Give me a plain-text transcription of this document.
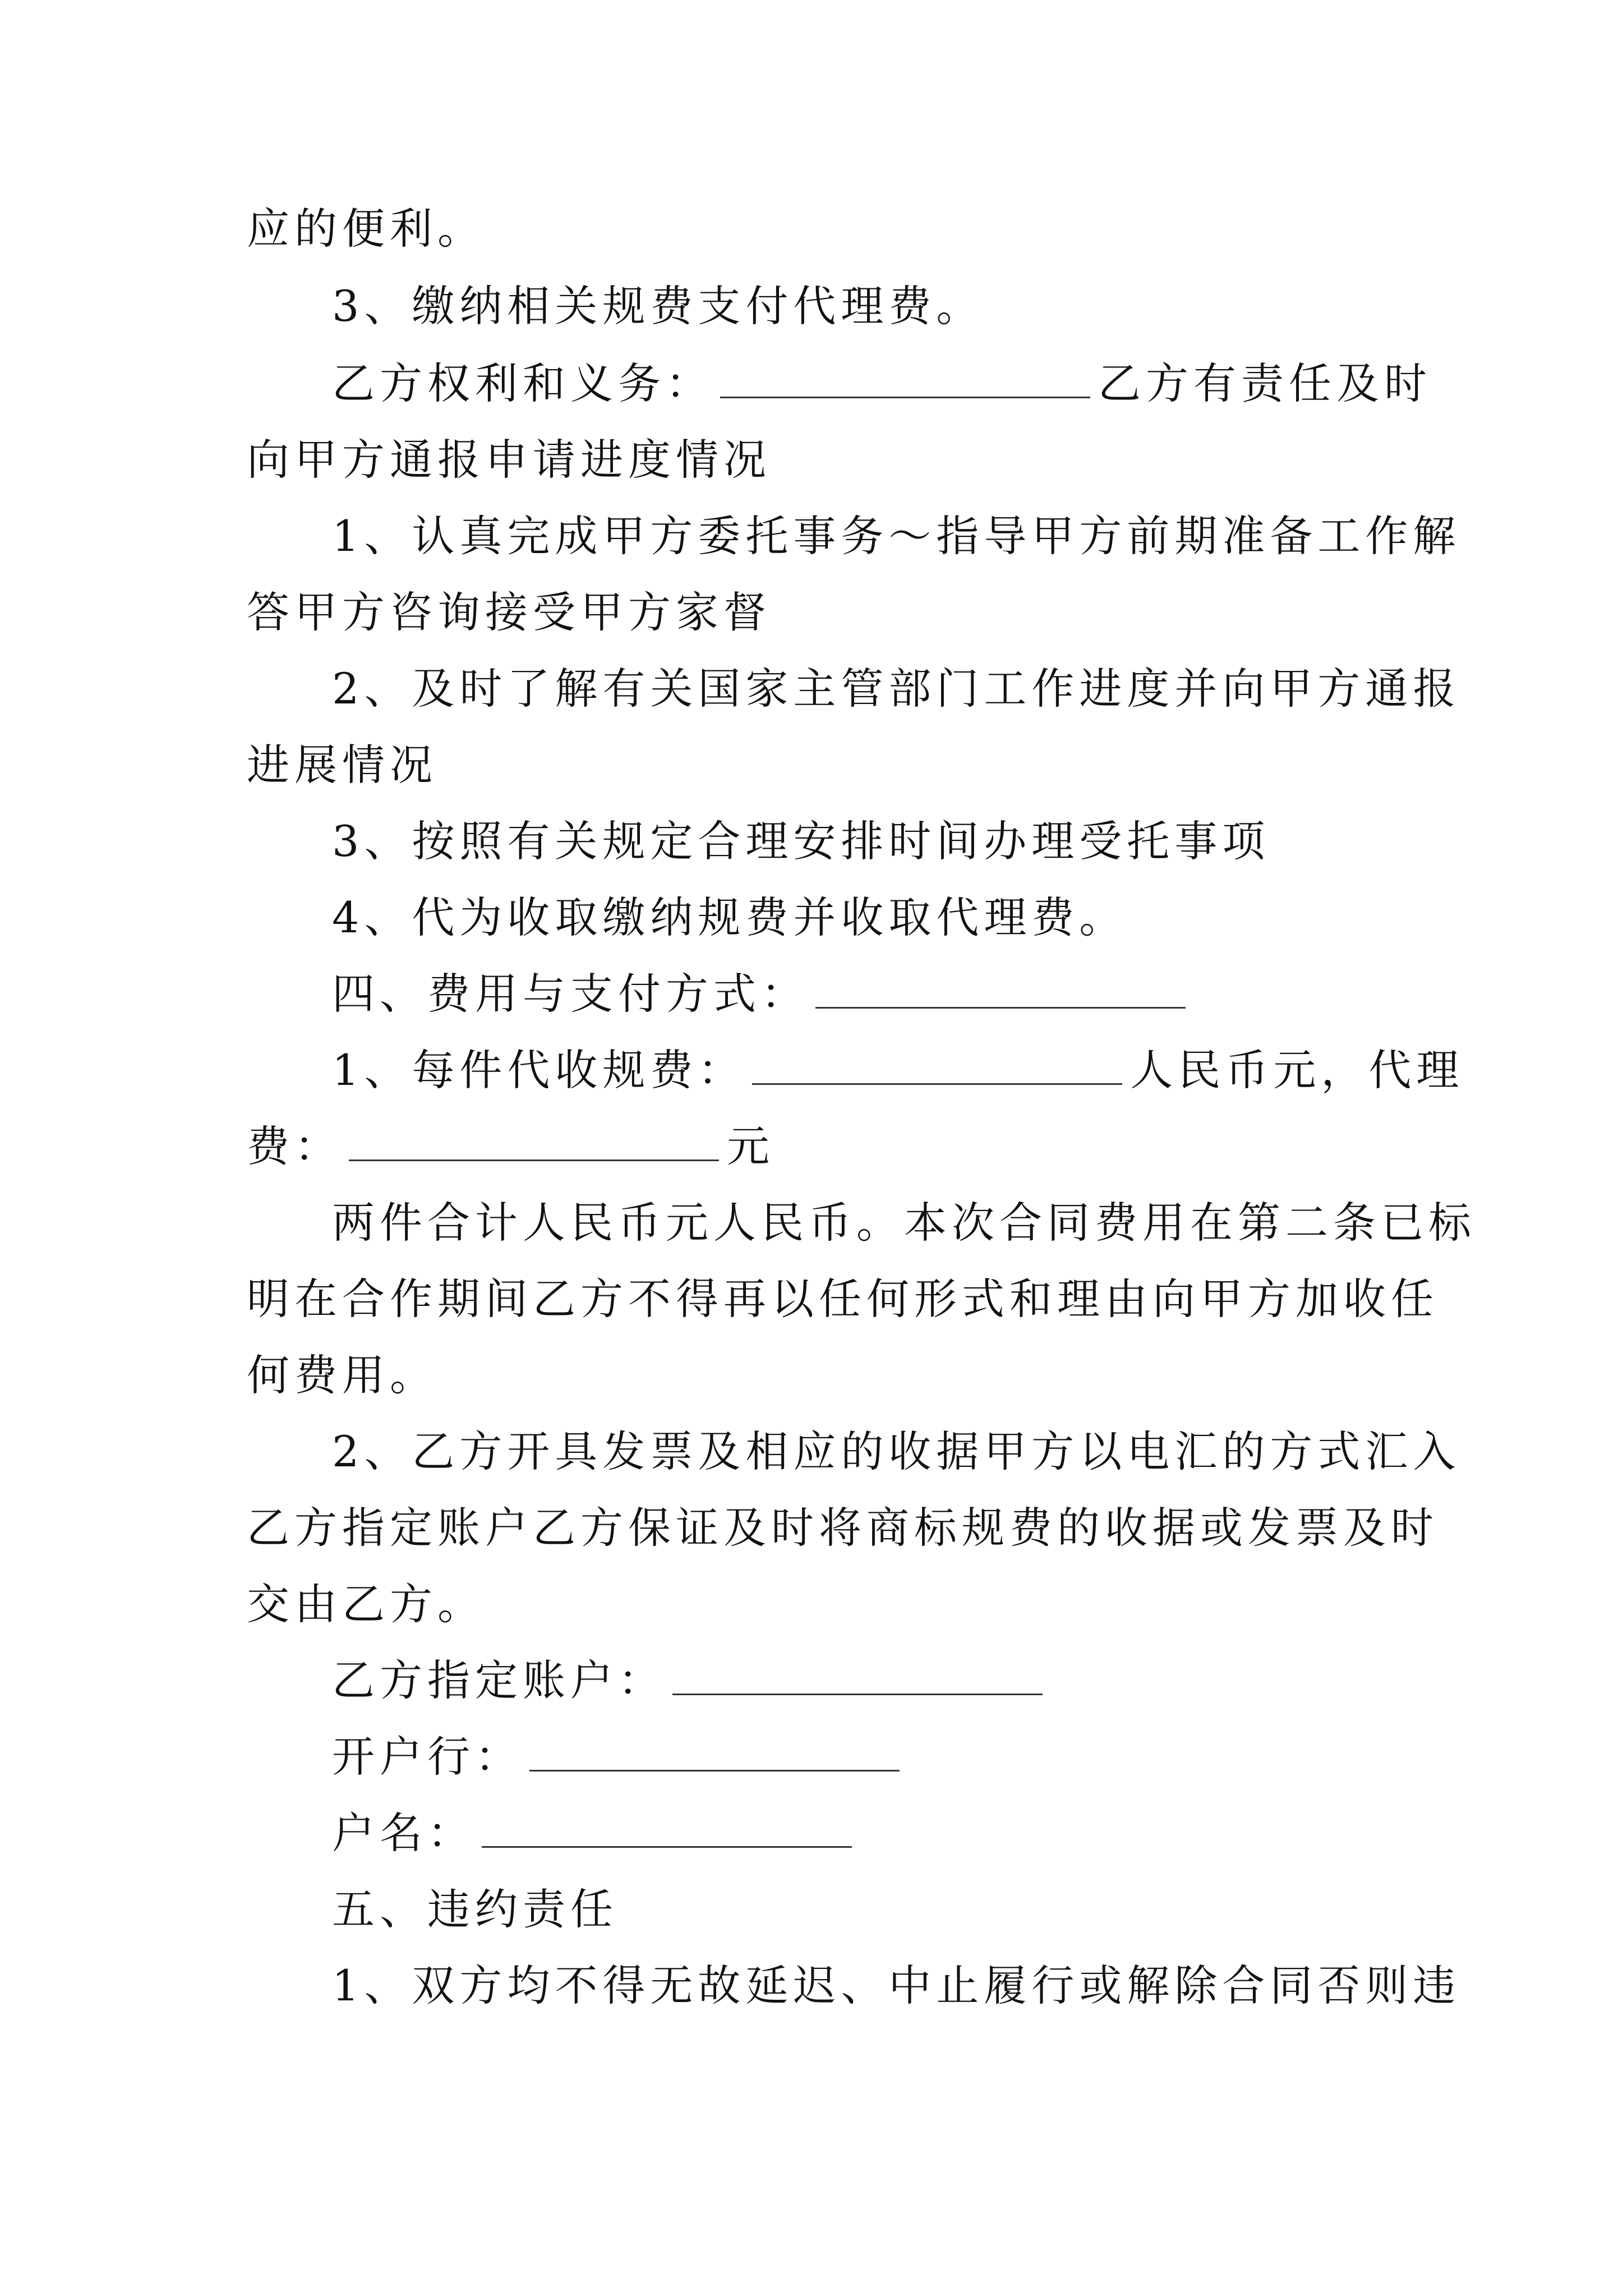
应的便利。
3、缴纳相关规费支付代理费。
乙方权利和义务：	乙方有责任及时
向甲方通报申请进度情况
1、认真完成甲方委托事务～指导甲方前期准备工作解
答甲方咨询接受甲方家督
2、及时了解有关国家主管部门工作进度并向甲方通报
进展情况
3、按照有关规定合理安排时间办理受托事项
4、代为收取缴纳规费并收取代理费。
四、费用与支付方式：
1、每件代收规费：	人民币元，代理
费：	元
两件合计人民币元人民币。本次合同费用在第二条已标
明在合作期间乙方不得再以任何形式和理由向甲方加收任
何费用。
2、乙方开具发票及相应的收据甲方以电汇的方式汇入
乙方指定账户乙方保证及时将商标规费的收据或发票及时
交由乙方。
乙方指定账户：
开户行：
户名：
五、违约责任
1、双方均不得无故延迟、中止履行或解除合同否则违
